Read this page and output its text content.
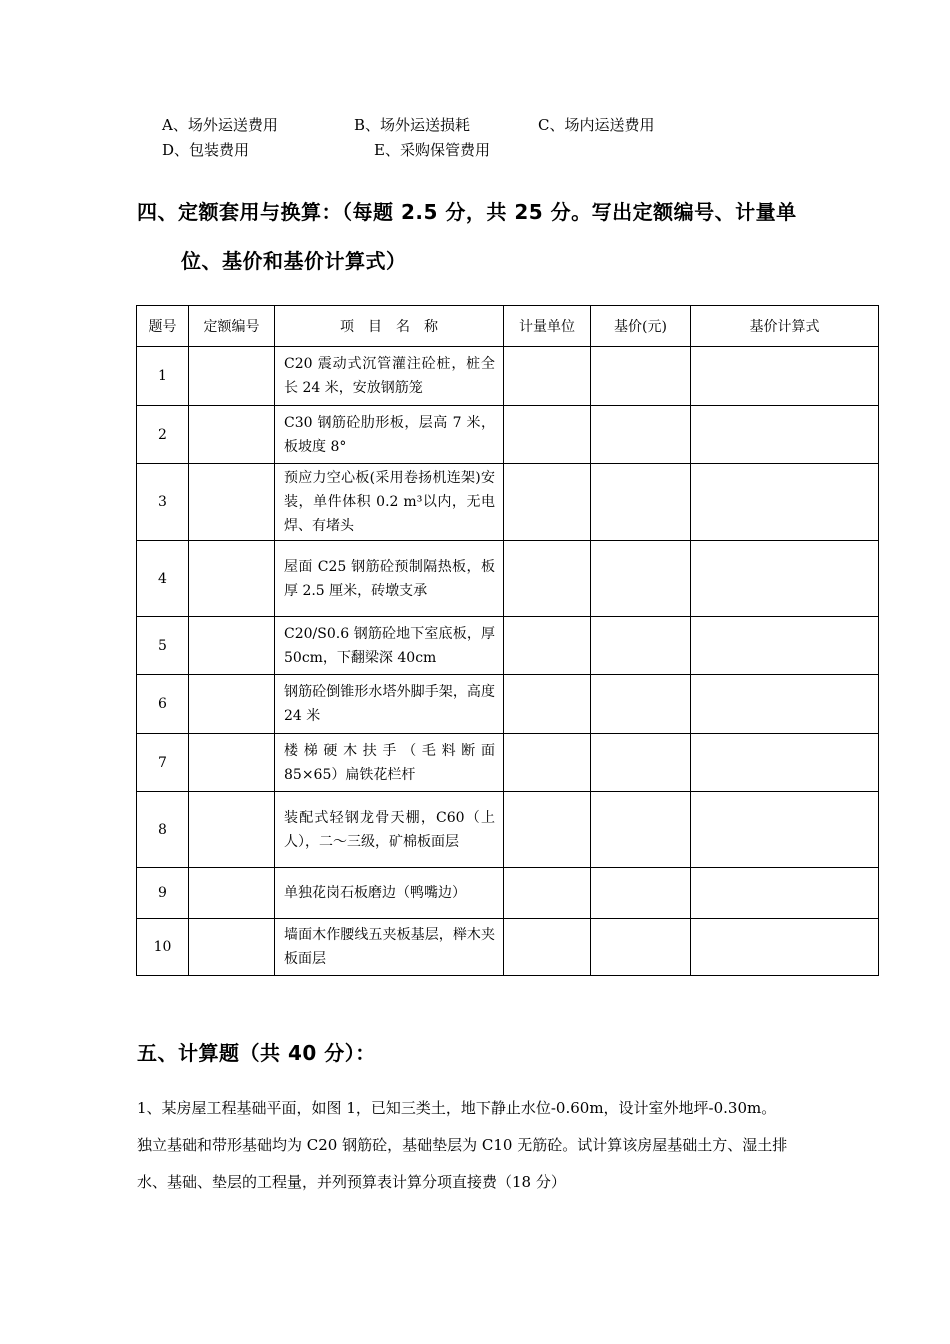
A、场外运送费用	B、场外运送损耗	C、场内运送费用
D、包装费用	E、采购保管费用
四、定额套用与换算：（每题 2.5 分，共 25 分。写出定额编号、计量单
位、基价和基价计算式）
题号	定额编号	项　目　名　称	计量单位	基价(元)	基价计算式
1		C20 震动式沉管灌注砼桩，桩全长 24 米，安放钢筋笼			
2		C30 钢筋砼肋形板，层高 7 米，板坡度 8°			
3		预应力空心板(采用卷扬机连架)安装，单件体积 0.2 m³以内，无电焊、有堵头			
4		屋面 C25 钢筋砼预制隔热板，板厚 2.5 厘米，砖墩支承			
5		C20/S0.6 钢筋砼地下室底板，厚 50cm，下翻梁深 40cm			
6		钢筋砼倒锥形水塔外脚手架，高度 24 米			
7		楼梯硬木扶手（毛料断面 85×65）扁铁花栏杆			
8		装配式轻钢龙骨天棚，C60（上人），二～三级，矿棉板面层			
9		单独花岗石板磨边（鸭嘴边）			
10		墙面木作腰线五夹板基层，榉木夹板面层			
五、计算题（共 40 分）：

1、某房屋工程基础平面，如图 1，已知三类土，地下静止水位-0.60m，设计室外地坪-0.30m。

独立基础和带形基础均为 C20 钢筋砼，基础垫层为 C10 无筋砼。试计算该房屋基础土方、湿土排

水、基础、垫层的工程量，并列预算表计算分项直接费（18 分）
